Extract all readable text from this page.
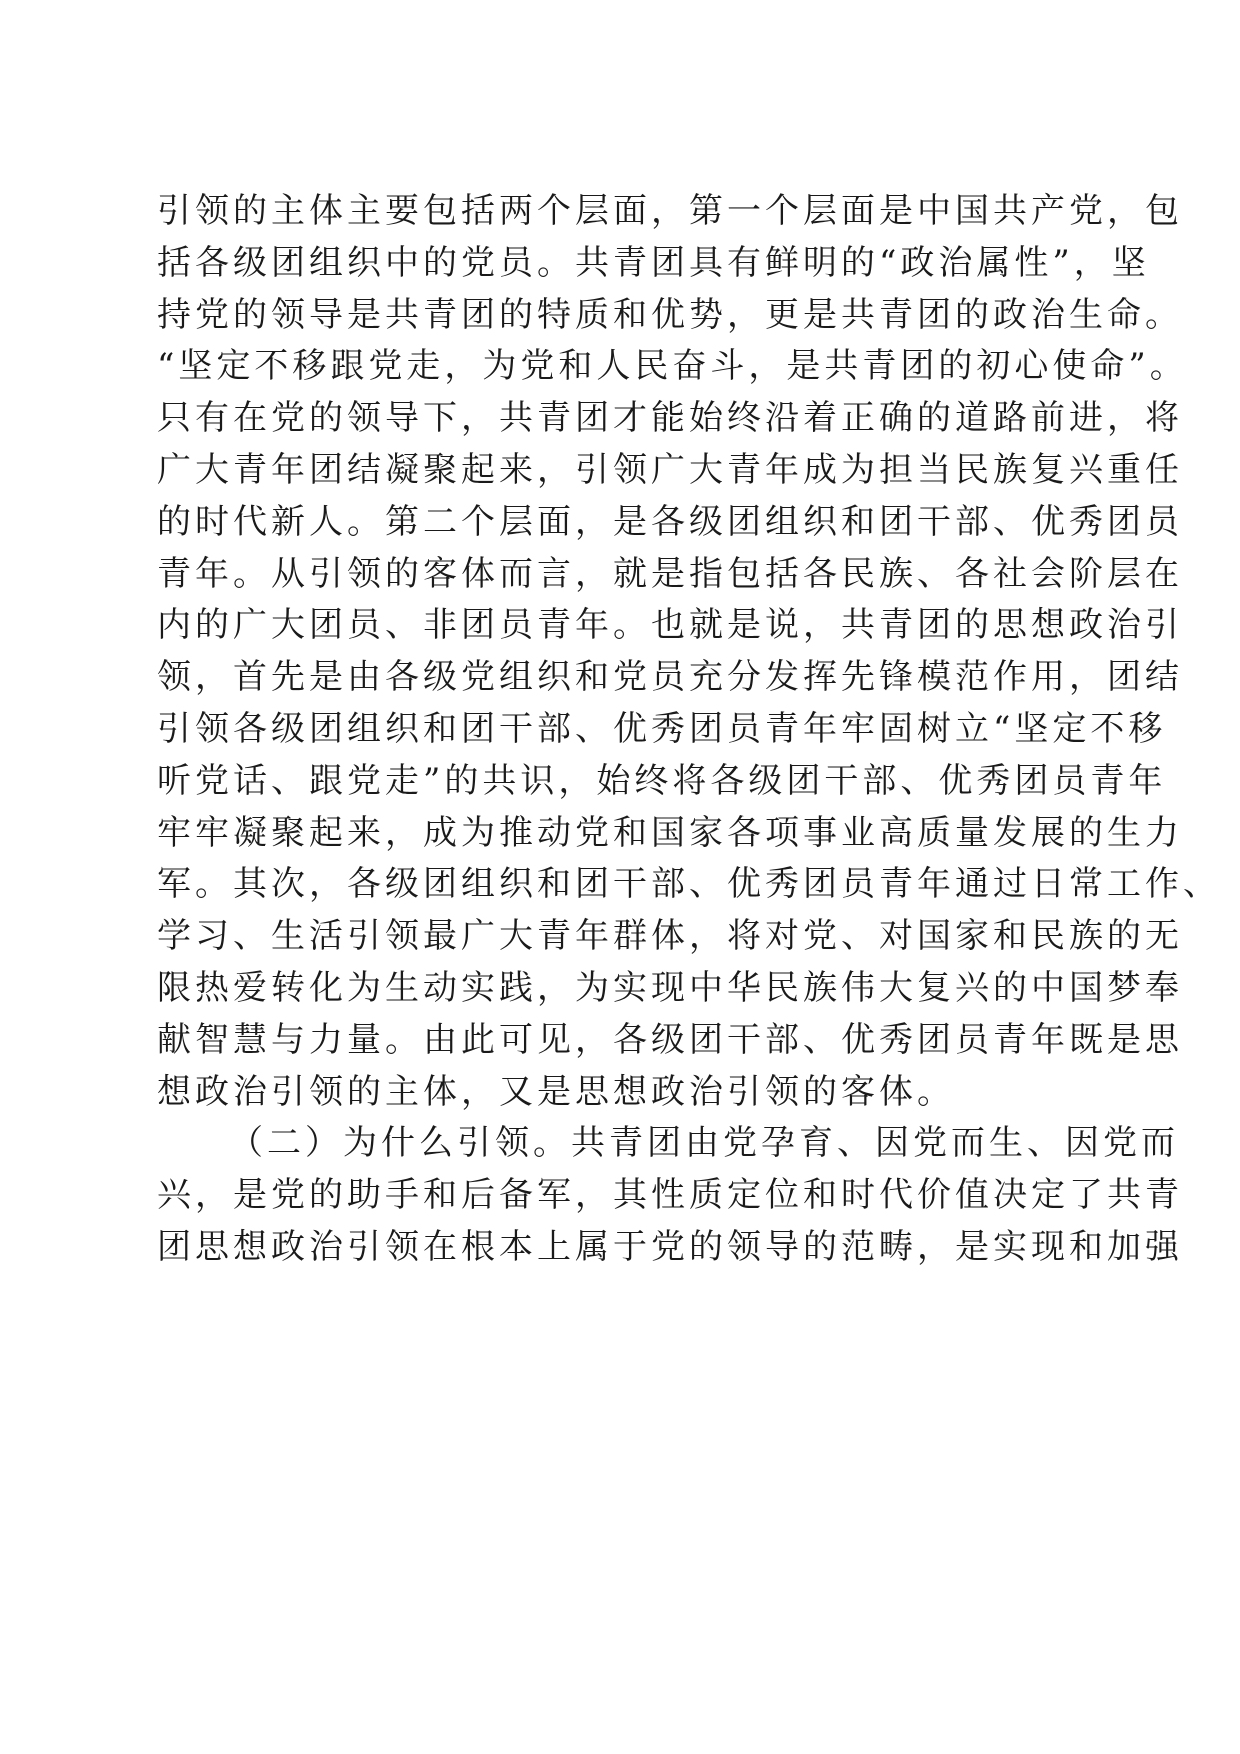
引领的主体主要包括两个层面，第一个层面是中国共产党，包
括各级团组织中的党员。共青团具有鲜明的“政治属性”，坚
持党的领导是共青团的特质和优势，更是共青团的政治生命。
“坚定不移跟党走，为党和人民奋斗，是共青团的初心使命”。
只有在党的领导下，共青团才能始终沿着正确的道路前进，将
广大青年团结凝聚起来，引领广大青年成为担当民族复兴重任
的时代新人。第二个层面，是各级团组织和团干部、优秀团员
青年。从引领的客体而言，就是指包括各民族、各社会阶层在
内的广大团员、非团员青年。也就是说，共青团的思想政治引
领，首先是由各级党组织和党员充分发挥先锋模范作用，团结
引领各级团组织和团干部、优秀团员青年牢固树立“坚定不移
听党话、跟党走”的共识，始终将各级团干部、优秀团员青年
牢牢凝聚起来，成为推动党和国家各项事业高质量发展的生力
军。其次，各级团组织和团干部、优秀团员青年通过日常工作、
学习、生活引领最广大青年群体，将对党、对国家和民族的无
限热爱转化为生动实践，为实现中华民族伟大复兴的中国梦奉
献智慧与力量。由此可见，各级团干部、优秀团员青年既是思
想政治引领的主体，又是思想政治引领的客体。
（二）为什么引领。共青团由党孕育、因党而生、因党而
兴，是党的助手和后备军，其性质定位和时代价值决定了共青
团思想政治引领在根本上属于党的领导的范畴，是实现和加强
